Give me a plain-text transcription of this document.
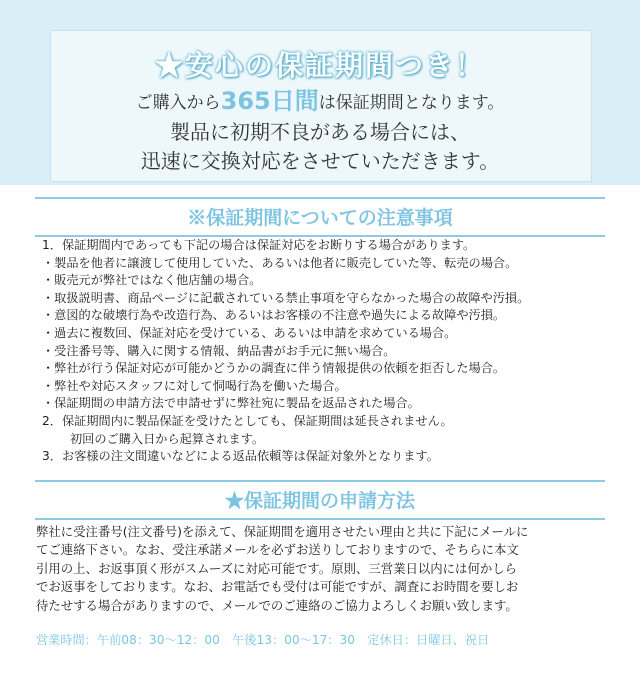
★安心の保証期間つき！
ご購入から365日間は保証期間となります。
製品に初期不良がある場合には、
迅速に交換対応をさせていただきます。
※保証期間についての注意事項
1．保証期間内であっても下記の場合は保証対応をお断りする場合があります。
・製品を他者に譲渡して使用していた、あるいは他者に販売していた等、転売の場合。
・販売元が弊社ではなく他店舗の場合。
・取扱説明書、商品ページに記載されている禁止事項を守らなかった場合の故障や汚損。
・意図的な破壊行為や改造行為、あるいはお客様の不注意や過失による故障や汚損。
・過去に複数回、保証対応を受けている、あるいは申請を求めている場合。
・受注番号等、購入に関する情報、納品書がお手元に無い場合。
・弊社が行う保証対応が可能かどうかの調査に伴う情報提供の依頼を拒否した場合。
・弊社や対応スタッフに対して恫喝行為を働いた場合。
・保証期間の申請方法で申請せずに弊社宛に製品を返品された場合。
2．保証期間内に製品保証を受けたとしても、保証期間は延長されません。
初回のご購入日から起算されます。
3．お客様の注文間違いなどによる返品依頼等は保証対象外となります。
★保証期間の申請方法
弊社に受注番号(注文番号)を添えて、保証期間を適用させたい理由と共に下記にメールに
てご連絡下さい。なお、受注承諾メールを必ずお送りしておりますので、そちらに本文
引用の上、お返事頂く形がスムーズに対応可能です。原則、三営業日以内には何かしら
でお返事をしております。なお、お電話でも受付は可能ですが、調査にお時間を要しお
待たせする場合がありますので、メールでのご連絡のご協力よろしくお願い致します。
営業時間：午前08：30〜12：00　午後13：00〜17：30　定休日：日曜日、祝日
